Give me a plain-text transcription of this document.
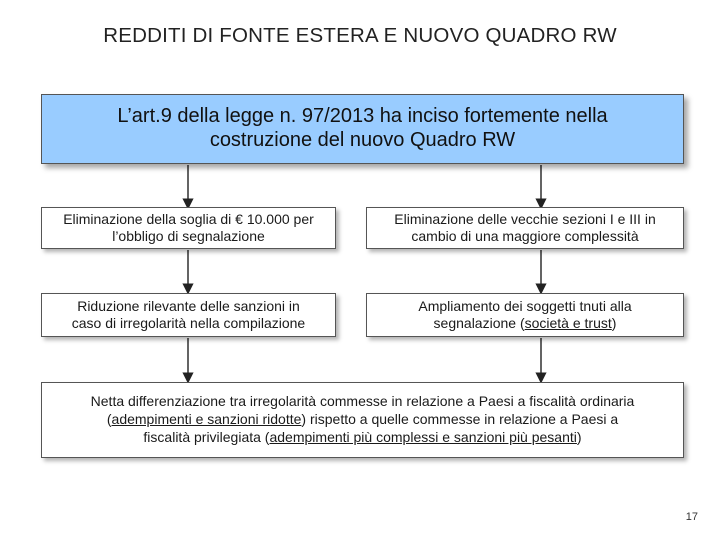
REDDITI DI FONTE ESTERA E NUOVO QUADRO RW
L’art.9 della legge n. 97/2013 ha inciso fortemente nella
costruzione del nuovo Quadro RW
Eliminazione della soglia di € 10.000 per
l’obbligo di segnalazione
Eliminazione delle vecchie sezioni I e III in
cambio di una maggiore complessità
Riduzione rilevante delle sanzioni in
caso di irregolarità nella compilazione
Ampliamento dei soggetti tnuti alla
segnalazione (società e trust)
Netta differenziazione tra irregolarità commesse in relazione a Paesi a fiscalità ordinaria
(adempimenti e sanzioni ridotte) rispetto a quelle commesse in relazione a Paesi a
fiscalità privilegiata (adempimenti più complessi e sanzioni più pesanti)
17
